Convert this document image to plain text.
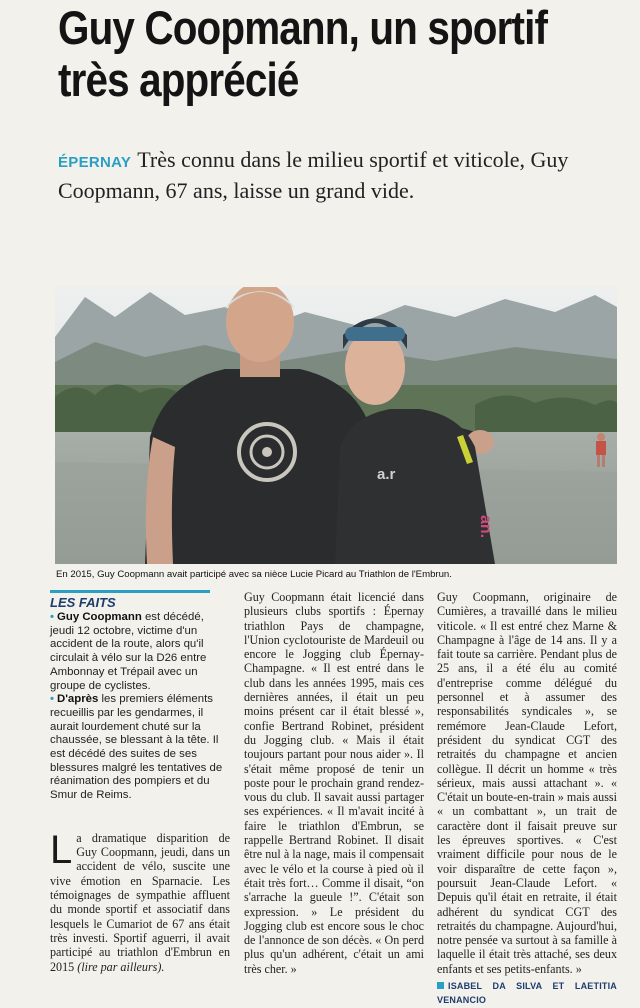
Guy Coopmann, un sportif très apprécié

ÉPERNAY Très connu dans le milieu sportif et viticole, Guy Coopmann, 67 ans, laisse un grand vide.

a.r
an.
En 2015, Guy Coopmann avait participé avec sa nièce Lucie Picard au Triathlon de l'Embrun.

LES FAITS

• Guy Coopmann est décédé, jeudi 12 octobre, victime d'un accident de la route, alors qu'il circulait à vélo sur la D26 entre Ambonnay et Trépail avec un groupe de cyclistes.

• D'après les premiers éléments recueillis par les gendarmes, il aurait lourdement chuté sur la chaussée, se blessant à la tête. Il est décédé des suites de ses blessures malgré les tentatives de réanimation des pompiers et du Smur de Reims.

L a dramatique disparition de Guy Coopmann, jeudi, dans un accident de vélo, suscite une vive émotion en Sparnacie. Les témoignages de sympathie affluent du monde sportif et associatif dans lesquels le Cumariot de 67 ans était très investi. Sportif aguerri, il avait participé au triathlon d'Embrun en 2015 (lire par ailleurs).

Guy Coopmann était licencié dans plusieurs clubs sportifs : Épernay triathlon Pays de champagne, l'Union cyclotouriste de Mardeuil ou encore le Jogging club Épernay-Champagne. « Il est entré dans le club dans les années 1995, mais ces dernières années, il était un peu moins présent car il était blessé », confie Bertrand Robinet, président du Jogging club. « Mais il était toujours partant pour nous aider ». Il s'était même proposé de tenir un poste pour le prochain grand rendez-vous du club. Il savait aussi partager ses expériences. « Il m'avait incité à faire le triathlon d'Embrun, se rappelle Bertrand Robinet. Il disait être nul à la nage, mais il compensait avec le vélo et la course à pied où il était très fort… Comme il disait, “on s'arrache la gueule !”. C'était son expression. » Le président du Jogging club est encore sous le choc de l'annonce de son décès. « On perd plus qu'un adhérent, c'était un ami très cher. »

Guy Coopmann, originaire de Cumières, a travaillé dans le milieu viticole. « Il est entré chez Marne & Champagne à l'âge de 14 ans. Il y a fait toute sa carrière. Pendant plus de 25 ans, il a été élu au comité d'entreprise comme délégué du personnel et à assumer des responsabilités syndicales », se remémore Jean-Claude Lefort, président du syndicat CGT des retraités du champagne et ancien collègue. Il décrit un homme « très sérieux, mais aussi attachant ». « C'était un boute-en-train » mais aussi « un combattant », un trait de caractère dont il faisait preuve sur les épreuves sportives. « C'est vraiment difficile pour nous de le voir disparaître de cette façon », poursuit Jean-Claude Lefort. « Depuis qu'il était en retraite, il était adhérent du syndicat CGT des retraités du champagne. Aujourd'hui, notre pensée va surtout à sa famille à laquelle il était très attaché, ses deux enfants et ses petits-enfants. »

ISABEL DA SILVA ET LAETITIA VENANCIO
